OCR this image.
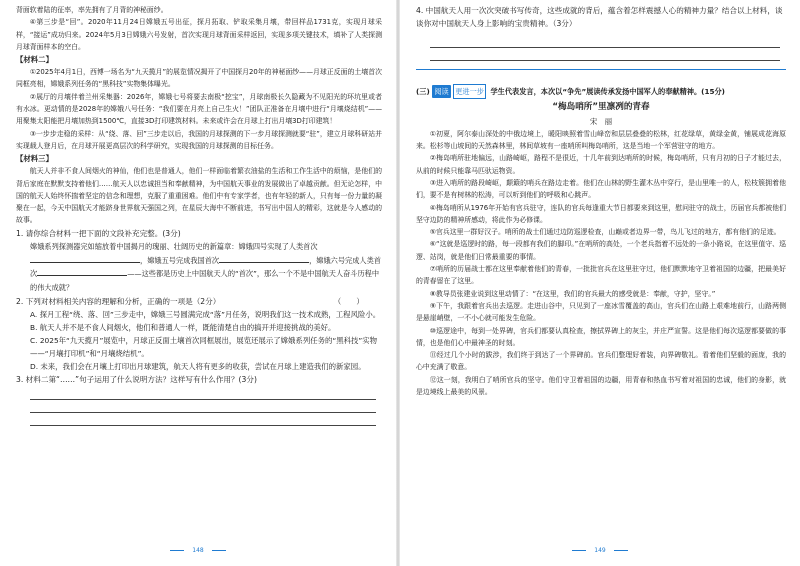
背面软着陆的征率，率先拥有了月背的神秘面纱。

④第三步是“回”。2020年11月24日嫦娥五号出征，探月拓取、铲取采集月壤，带回样品1731克，实现月球采样，“接运”成功归来。2024年5月3日嫦娥六号发射，首次实现月球背面采样返回，实现多项关键技术，填补了人类探测月球背面样本的空白。

【材料二】

①2025年4月1日，西博一场名为“九天揽月”的展览情况揭开了中国探月20年的神秘面纱——月球正反面的土壤首次同框亮相，嫦娥系列任务的“黑科技”实物集体曝光。

②展厅的月壤伴着兰州采集器：2026年，嫦娥七号将要去南极“挖宝”，月球南极长久隐藏为不见阳光的环坑里或者有水冰。更动情的是2028年的嫦娥八号任务：“我们要在月亮上自己生火！”团队正准备在月壤中进行“月壤烧结机”——用聚集太阳能把月壤加热到1500℃，直接3D打印建筑材料。未来或许会在月球上打出月壤3D打印建筑！

③一步步走稳的采样：从“绕、落、回”三步走以后，我国的月球探测的下一步月球探测就要“驻”，建立月球科研站并实现载人登月后，在月球开展更高层次的科学研究，实现我国的月球探测的目标任务。

【材料三】

航天人并非不食人间烟火的神仙，他们也是普通人，他们一样面临着繁衣油盐的生活和工作生活中的烦恼，是他们的背后家庭在默默支持着他们……航天人以忠诚担当和奉献精神，为中国航天事业的发展做出了卓越贡献。但无论怎样，中国的航天人始终怀揣着坚定的信念和理想，克服了重重困难。他们中有专家学者，也有年轻的新人，只有每一份力量的凝聚在一起，今天中国航天才能跻身世界航天强国之列，在星辰大海中不断前进，书写出中国人的精彩，这就是今人感动的故事。

1. 请你综合材料一把下面的文段补充完整。(3分)

嫦娥系列探测器完如缩放着中国揭月的瑰丽、壮阔历史的新篇章：嫦娥四号实现了人类首次，嫦娥五号完成我国首次	，嫦娥六号完成人类首次	——这些都是历史上中国航天人的“首次”，那么一个不是中国航天人奋斗历程中的伟大成就？

2. 下列对材料相关内容的理解和分析，正确的一项是（2分）	（　　）

A. 探月工程“绕、落、回”三步走中，嫦娥三号圆满完成“落”月任务，说明我们这一技术成熟，工程风险小。

B. 航天人并不是不食人间烟火，他们和普通人一样，既能清楚自由的搞开并迎接挑战的美好。

C. 2025年“九天揽月”展览中，月球正反面土壤首次同框展出，展览还展示了嫦娥系列任务的“黑科技”实物——“月壤打印机”和“月壤烧结机”。

D. 未来，我们会在月壤上打印出月球建筑，航天人将有更多的收获，尝试在月球上建造我们的新家园。

3. 材料二第“……”句子运用了什么说明方法？这样写有什么作用？(3分)

148

4. 中国航天人用一次次突破书写传奇，这些成就的背后，蕴含着怎样震撼人心的精神力量？结合以上材料，谈谈你对中国航天人身上影响的宝贵精神。（3分）

(三) 阅读 更进一步 学生代表发言，本次以“争先”展读传承发扬中国军人的奉献精神。(15分)

“梅岛哨所”里凛冽的青春

宋　丽

①初夏，阿尔泰山深处的中俄边境上，暖阳映照着雪山峰峦和层层叠叠的松林，红花绿草，黄绿金黄，铺展成花海原来。松杉等山坡间的天然森林里，林间草坡有一座哨所叫梅岛哨所，这是当地一个军营驻守的地方。

②梅岛哨所驻地偏远，山路崎岖，路程不是很近，十几年前到达哨所的时候，梅岛哨所，只有月初的日子才能过去，从前的时候只能靠马匹驮运物资。

③进入哨所的路段崎岖，颠簸的哨兵在路边走着。他们在山林的野生灌木丛中穿行，是山里唯一的人，松枝簇拥着他们，要不是有树林的松涛，可以听到他们的呼吸和心跳声。

④梅岛哨所从1976年开始有官兵驻守，连队的官兵每逢重大节日都要来到这里，慰问驻守的战士，历届官兵都被他们坚守边防的精神所感动，将此作为必修课。

⑤官兵这里一群好汉子。哨所的战士们通过边防巡逻检查，山巅或者边界一带，鸟儿飞过的地方，都有他们的足迹。

⑥“这就是巡逻时的路，每一段都有我们的脚印。”在哨所的高处，一个老兵指着不远处的一条小路说，在这里值守、巡逻、站岗，就是他们日常最重要的事情。

⑦哨所的历届战士都在这里奉献着他们的青春，一批批官兵在这里驻守过，他们默默地守卫着祖国的边疆，把最美好的青春留在了这里。

⑧教导员张建业说到这里动情了：“在这里，我们的官兵最大的感受就是：奉献，守护，坚守。”

⑨下午，我跟着官兵出去巡逻。走进山谷中，只见到了一座冰雪覆盖的高山，官兵们在山路上艰难地前行，山路两侧是悬崖峭壁，一不小心就可能发生危险。

⑩巡逻途中，每到一处界碑，官兵们都要认真检查，擦拭界碑上的灰尘，并庄严宣誓。这是他们每次巡逻都要做的事情，也是他们心中最神圣的时刻。

⑪经过几个小时的跋涉，我们终于到达了一个界碑前。官兵们整理好着装，向界碑敬礼。看着他们坚毅的面庞，我的心中充满了敬意。

⑫这一刻，我明白了哨所官兵的坚守。他们守卫着祖国的边疆，用青春和热血书写着对祖国的忠诚，他们的身影，就是边境线上最美的风景。

149
